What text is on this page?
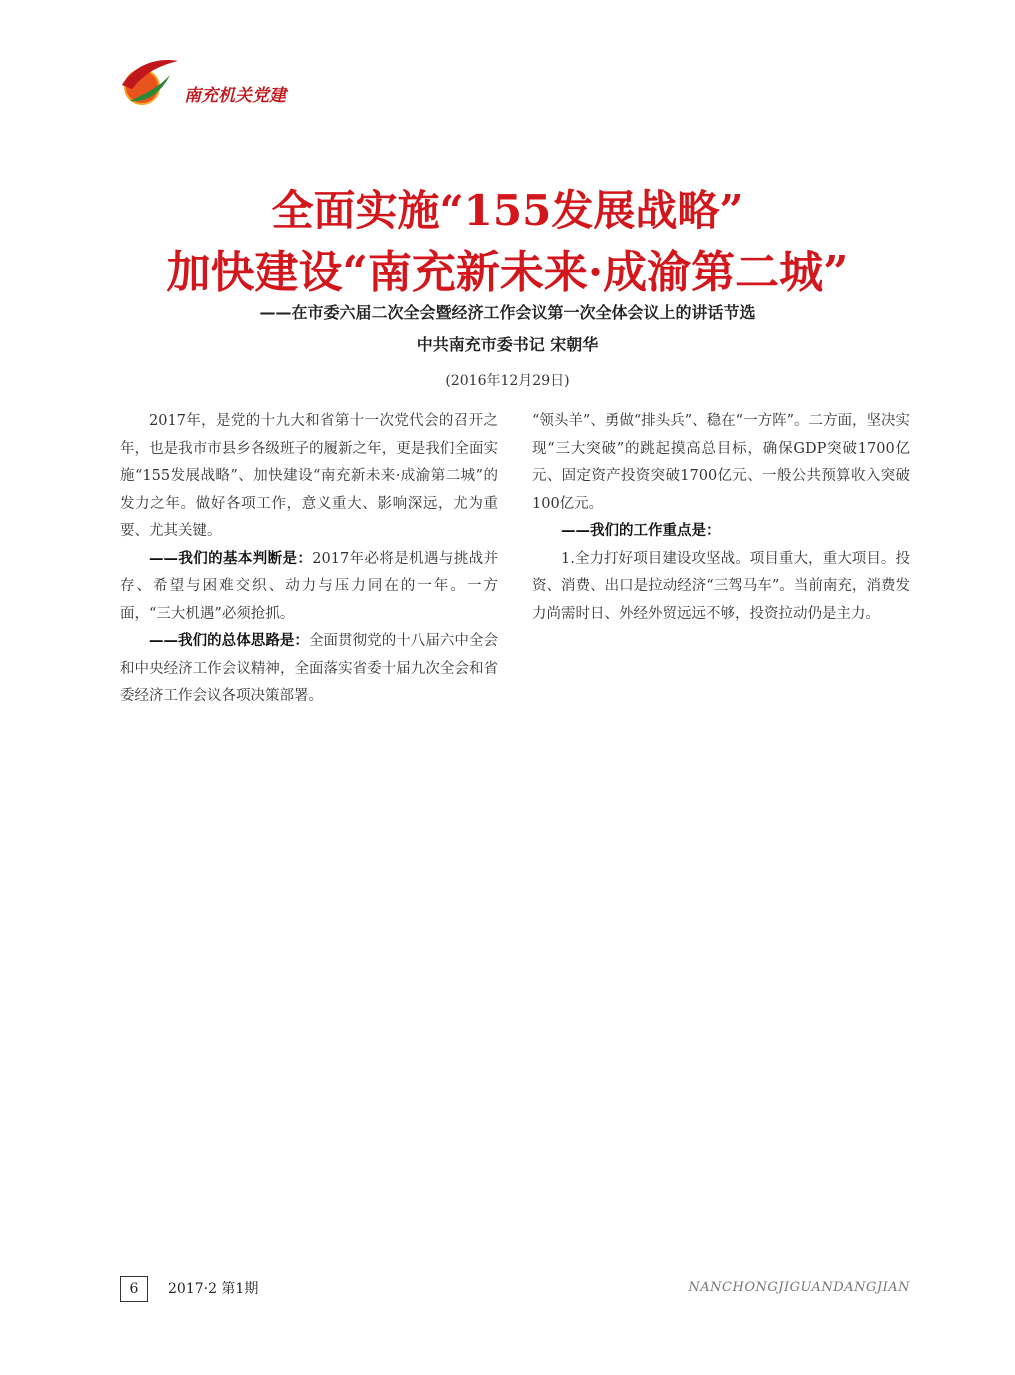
南充机关党建
全面实施“155发展战略”
加快建设“南充新未来·成渝第二城”
——在市委六届二次全会暨经济工作会议第一次全体会议上的讲话节选
中共南充市委书记 宋朝华
(2016年12月29日)

2017年，是党的十九大和省第十一次党代会的召开之年，也是我市市县乡各级班子的履新之年，更是我们全面实施“155发展战略”、加快建设“南充新未来·成渝第二城”的发力之年。做好各项工作，意义重大、影响深远，尤为重要、尤其关键。

——我们的基本判断是：2017年必将是机遇与挑战并存、希望与困难交织、动力与压力同在的一年。一方面，“三大机遇”必须抢抓。

——我们的总体思路是：全面贯彻党的十八届六中全会和中央经济工作会议精神，全面落实省委十届九次全会和省委经济工作会议各项决策部署。

“领头羊”、勇做“排头兵”、稳在“一方阵”。二方面，坚决实现“三大突破”的跳起摸高总目标，确保GDP突破1700亿元、固定资产投资突破1700亿元、一般公共预算收入突破100亿元。

——我们的工作重点是：

1.全力打好项目建设攻坚战。项目重大，重大项目。投资、消费、出口是拉动经济“三驾马车”。当前南充，消费发力尚需时日、外经外贸远远不够，投资拉动仍是主力。

6	2017·2 第1期	NANCHONGJIGUANDANGJIAN
